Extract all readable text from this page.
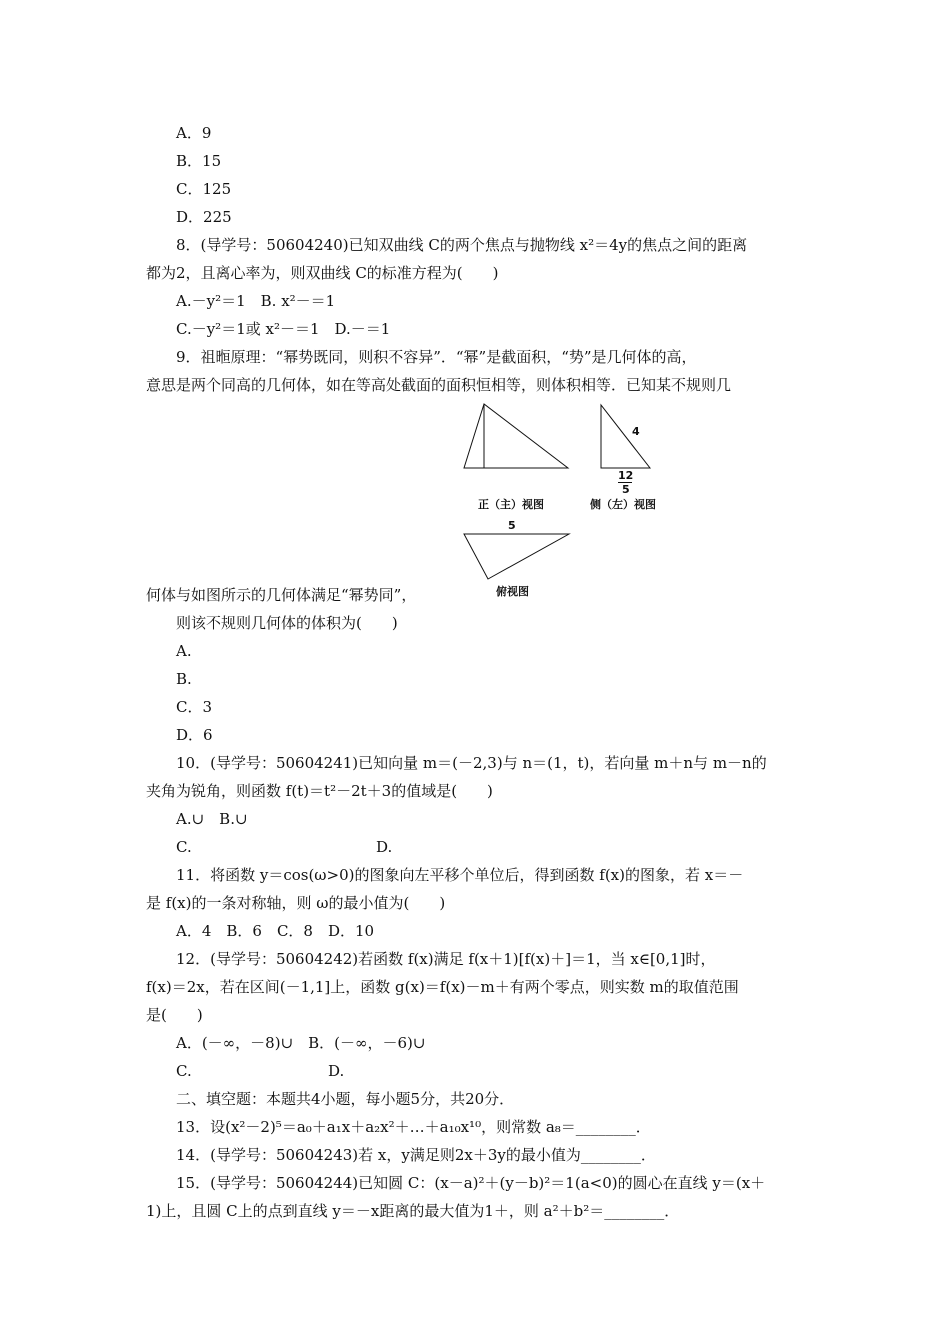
A．9
B．15
C．125
D．225
8．(导学号：50604240)已知双曲线 C的两个焦点与抛物线 x²＝4y的焦点之间的距离
都为2，且离心率为，则双曲线 C的标准方程为(　　)
A.－y²＝1　B. x²－＝1
C.－y²＝1或 x²－＝1　D.－＝1
9．祖暅原理：“幂势既同，则积不容异”．“幂”是截面积，“势”是几何体的高，
意思是两个同高的几何体，如在等高处截面的面积恒相等，则体积相等．已知某不规则几
正（主）视图
4
12
5
侧（左）视图
5
俯视图
何体与如图所示的几何体满足“幂势同”，
则该不规则几何体的体积为(　　)
A.
B.
C．3
D．6
10．(导学号：50604241)已知向量 m＝(－2,3)与 n＝(1，t)，若向量 m＋n与 m－n的
夹角为锐角，则函数 f(t)＝t²－2t＋3的值域是(　　)
A.∪　B.∪
C.	D.
11．将函数 y＝cos(ω>0)的图象向左平移个单位后，得到函数 f(x)的图象，若 x＝－
是 f(x)的一条对称轴，则 ω的最小值为(　　)
A．4　B．6　C．8　D．10
12．(导学号：50604242)若函数 f(x)满足 f(x＋1)[f(x)＋]＝1，当 x∈[0,1]时，
f(x)＝2x，若在区间(－1,1]上，函数 g(x)＝f(x)－m＋有两个零点，则实数 m的取值范围
是(　　)
A．(－∞，－8)∪　B．(－∞，－6)∪
C.	D.
二、填空题：本题共4小题，每小题5分，共20分．
13．设(x²－2)⁵＝a₀＋a₁x＋a₂x²＋…＋a₁₀x¹⁰，则常数 a₈＝________．
14．(导学号：50604243)若 x，y满足则2x＋3y的最小值为________．
15．(导学号：50604244)已知圆 C：(x－a)²＋(y－b)²＝1(a<0)的圆心在直线 y＝(x＋
1)上，且圆 C上的点到直线 y＝－x距离的最大值为1＋，则 a²＋b²＝________．
